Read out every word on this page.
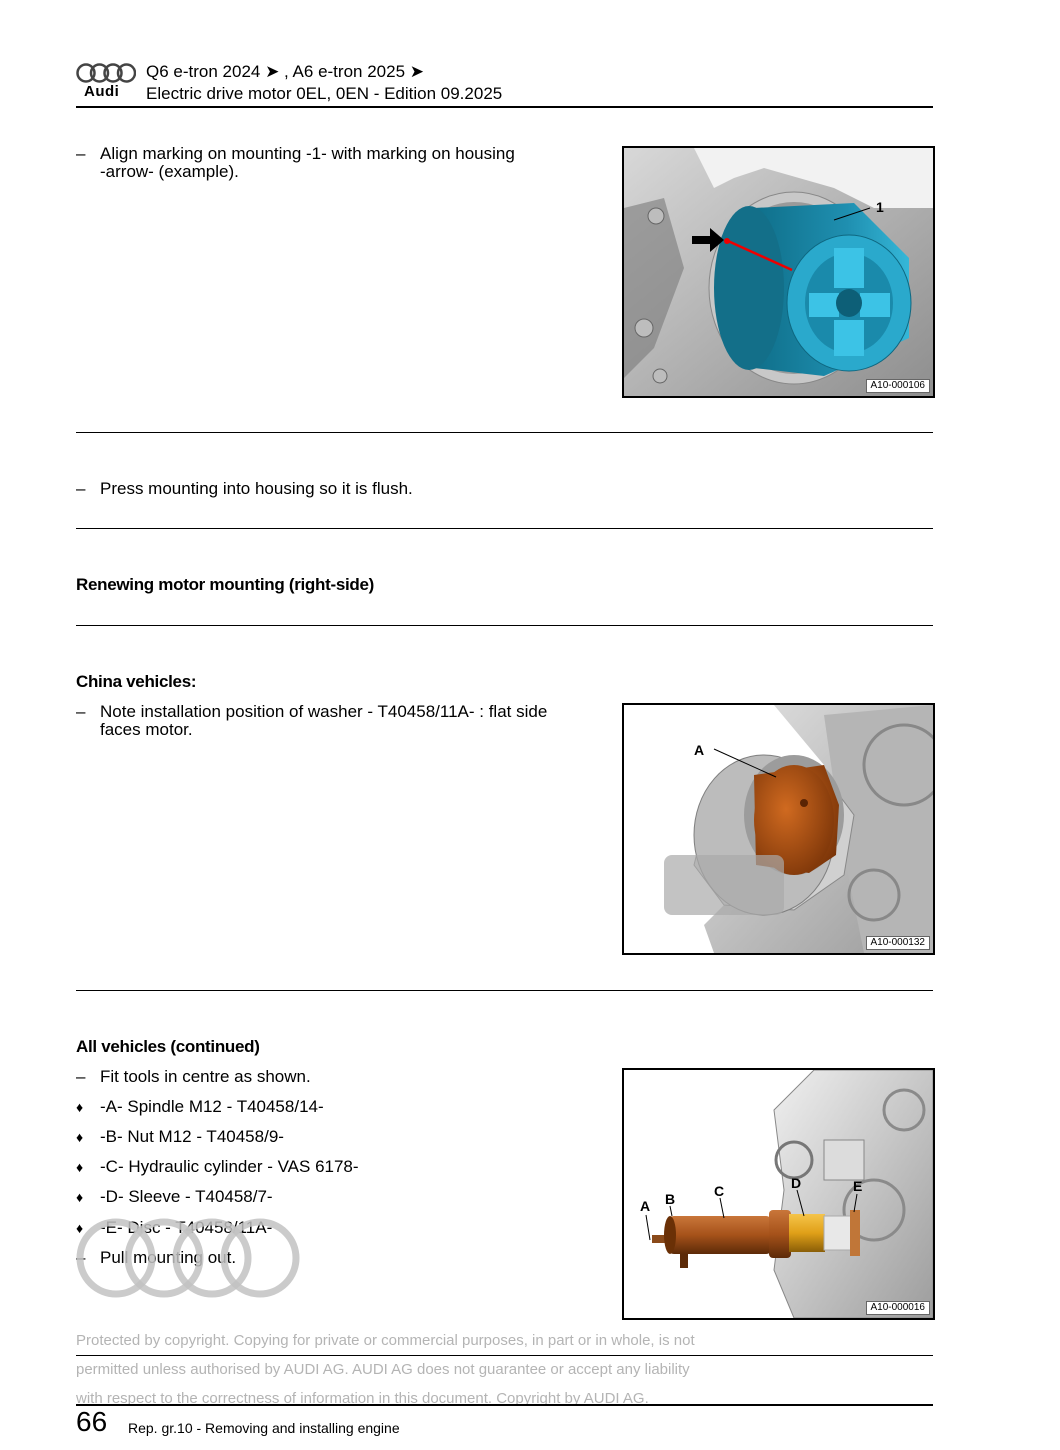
Audi
Q6 e-tron 2024 ➤ , A6 e-tron 2025 ➤
Electric drive motor 0EL, 0EN - Edition 09.2025
– Align marking on mounting -1- with marking on housing
-arrow- (example).
1
A10-000106
– Press mounting into housing so it is flush.
Renewing motor mounting (right-side)
China vehicles:
– Note installation position of washer - T40458/11A- : flat side
faces motor.
A
A10-000132
All vehicles (continued)
– Fit tools in centre as shown.
♦ -A- Spindle M12 - T40458/14-
♦ -B- Nut M12 - T40458/9-
♦ -C- Hydraulic cylinder - VAS 6178-
♦ -D- Sleeve - T40458/7-
♦ -E- Disc - T40458/11A-
– Pull mounting out.
A B	C	D	E
A10-000016
Protected by copyright. Copying for private or commercial purposes, in part or in whole, is not
permitted unless authorised by AUDI AG. AUDI AG does not guarantee or accept any liability
with respect to the correctness of information in this document. Copyright by AUDI AG.
66 Rep. gr.10 - Removing and installing engine
